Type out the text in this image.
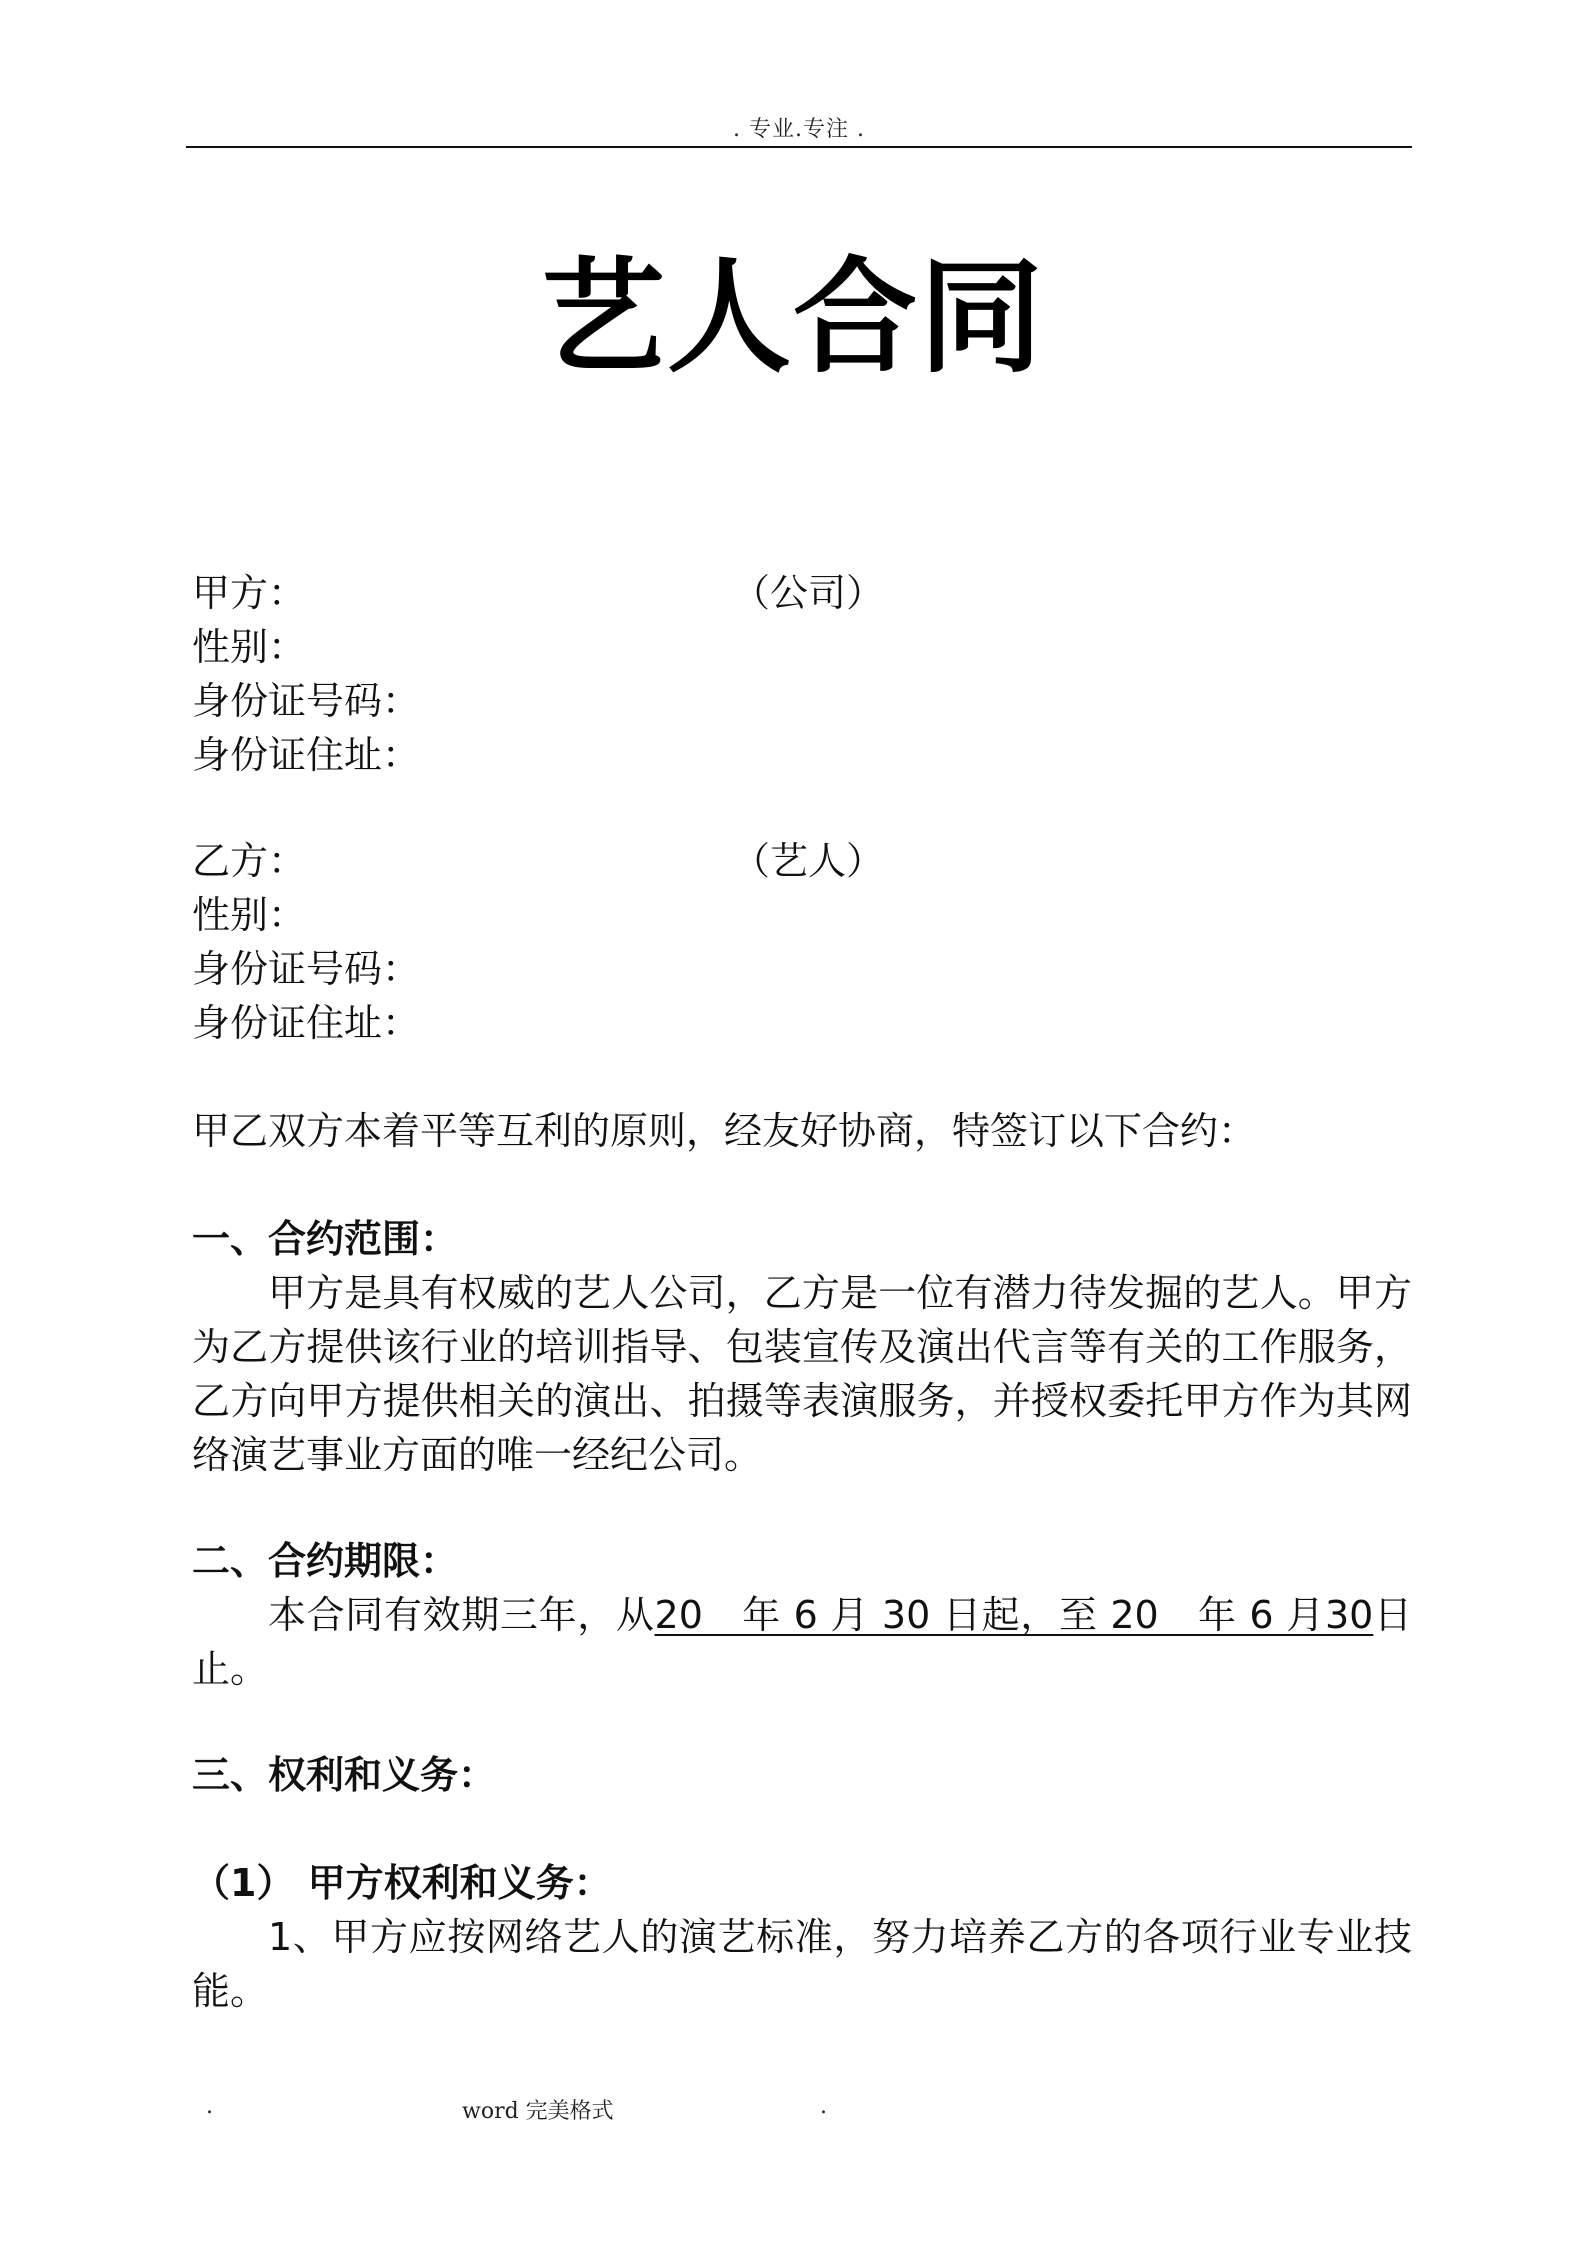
. 专业.专注 .
艺人合同
甲方：	（公司）
性别：
身份证号码：
身份证住址：
乙方：	（艺人）
性别：
身份证号码：
身份证住址：
甲乙双方本着平等互利的原则，经友好协商，特签订以下合约：
一、合约范围：
甲方是具有权威的艺人公司，乙方是一位有潜力待发掘的艺人。甲方为乙方提供该行业的培训指导、包装宣传及演出代言等有关的工作服务，乙方向甲方提供相关的演出、拍摄等表演服务，并授权委托甲方作为其网络演艺事业方面的唯一经纪公司。
二、合约期限：
本合同有效期三年，从20　年 6 月 30 日起，至 20　年 6 月30日止。
三、权利和义务：
（1） 甲方权利和义务：
1、甲方应按网络艺人的演艺标准，努力培养乙方的各项行业专业技能。
.	word 完美格式	.
